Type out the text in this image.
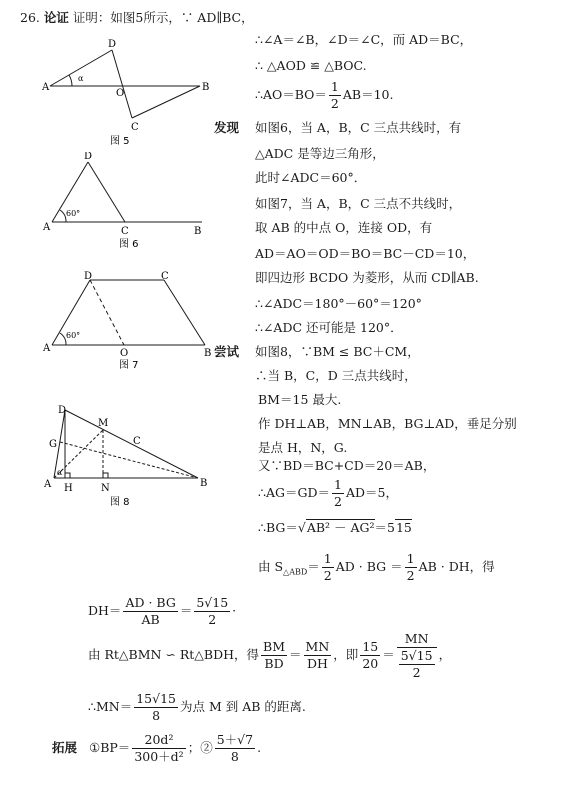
26. 论证 证明：如图5所示，∵ AD∥BC，
∴∠A＝∠B，∠D＝∠C，而 AD＝BC，
∴ △AOD ≌ △BOC.
∴AO＝BO＝ $\frac{1}{2} AB=10$.
发现 如图6，当 A，B，C 三点共线时，有
△ADC 是等边三角形，
此时∠ADC＝60°．
如图7，当 A，B，C 三点不共线时，
取 AB 的中点 O，连接 OD，有
AD＝AO＝OD＝BO＝BC－CD＝10，
即四边形 BCDO 为菱形，从而 CD∥AB.
∴∠ADC＝180°－60°＝120°
∴∠ADC 还可能是 120°．
尝试 如图8，∵BM ≤ BC＋CM，
∴当 B，C，D 三点共线时，
BM＝15 最大.
作 DH⊥AB，MN⊥AB，BG⊥AD，垂足分别
是点 H，N，G.
又∵BD＝BC+CD＝20＝AB，
∴AG＝GD＝ $\frac{1}{2} AD=5$，
∴BG＝√AB² － AG²＝515
由 $S_{\triangle ABD}= \frac{1}{2}$ AD · BG ＝ $\frac{1}{2}$ AB · DH，得
$DH= \frac{AD \cdot BG}{AB} = \frac{5√15}{2}$ ·
由 Rt△BMN ∽ Rt△BDH，得 $\frac{BM}{BD} = \frac{MN}{DH}$ ，即 $\frac{15}{20} = \frac{MN}{\frac{5√15}{2}}$ ，
∴MN＝ $\frac{15√15}{8}$ 为点 M 到 AB 的距离.
拓展 ①BP＝ $\frac{\text{20d²}}{\text{300＋d²}}$ ；② $\frac{5+√7}{8}$ .
D
A
O
B
C
α
图 5
D
A	C	B
60°
图 6
D	C
A	O	B
60°
图 7
D
M
C
G
A H	N	B
α
图 8
